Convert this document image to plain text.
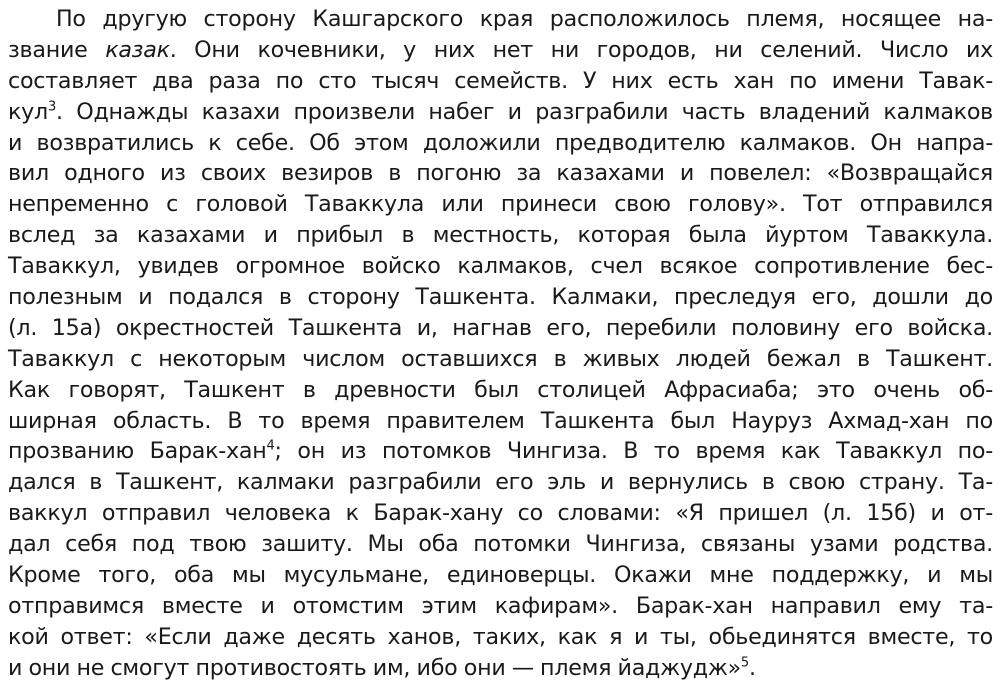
По другую сторону Кашгарского края расположилось племя, носящее на-
звание казак. Они кочевники, у них нет ни городов, ни селений. Число их
составляет два раза по сто тысяч семейств. У них есть хан по имени Тавак-
кул$^3$. Однажды казахи произвели набег и разграбили часть владений калмаков
и возвратились к себе. Об этом доложили предводителю калмаков. Он напра-
вил одного из своих везиров в погоню за казахами и повелел: «Возвращайся
непременно с головой Таваккула или принеси свою голову». Тот отправился
вслед за казахами и прибыл в местность, которая была йуртом Таваккула.
Таваккул, увидев огромное войско калмаков, счел всякое сопротивление бес-
полезным и подался в сторону Ташкента. Калмаки, преследуя его, дошли до
(л. 15а) окрестностей Ташкента и, нагнав его, перебили половину его войска.
Таваккул с некоторым числом оставшихся в живых людей бежал в Ташкент.
Как говорят, Ташкент в древности был столицей Афрасиаба; это очень об-
ширная область. В то время правителем Ташкента был Науруз Ахмад-хан по
прозванию Барак-хан$^4$; он из потомков Чингиза. В то время как Таваккул по-
дался в Ташкент, калмаки разграбили его эль и вернулись в свою страну. Та-
ваккул отправил человека к Барак-хану со словами: «Я пришел (л. 15б) и от-
дал себя под твою зашиту. Мы оба потомки Чингиза, связаны узами родства.
Кроме того, оба мы мусульмане, единоверцы. Окажи мне поддержку, и мы
отправимся вместе и отомстим этим кафирам». Барак-хан направил ему та-
кой ответ: «Если даже десять ханов, таких, как я и ты, обьединятся вместе, то
и они не смогут противостоять им, ибо они — племя йаджудж»$^5$.
